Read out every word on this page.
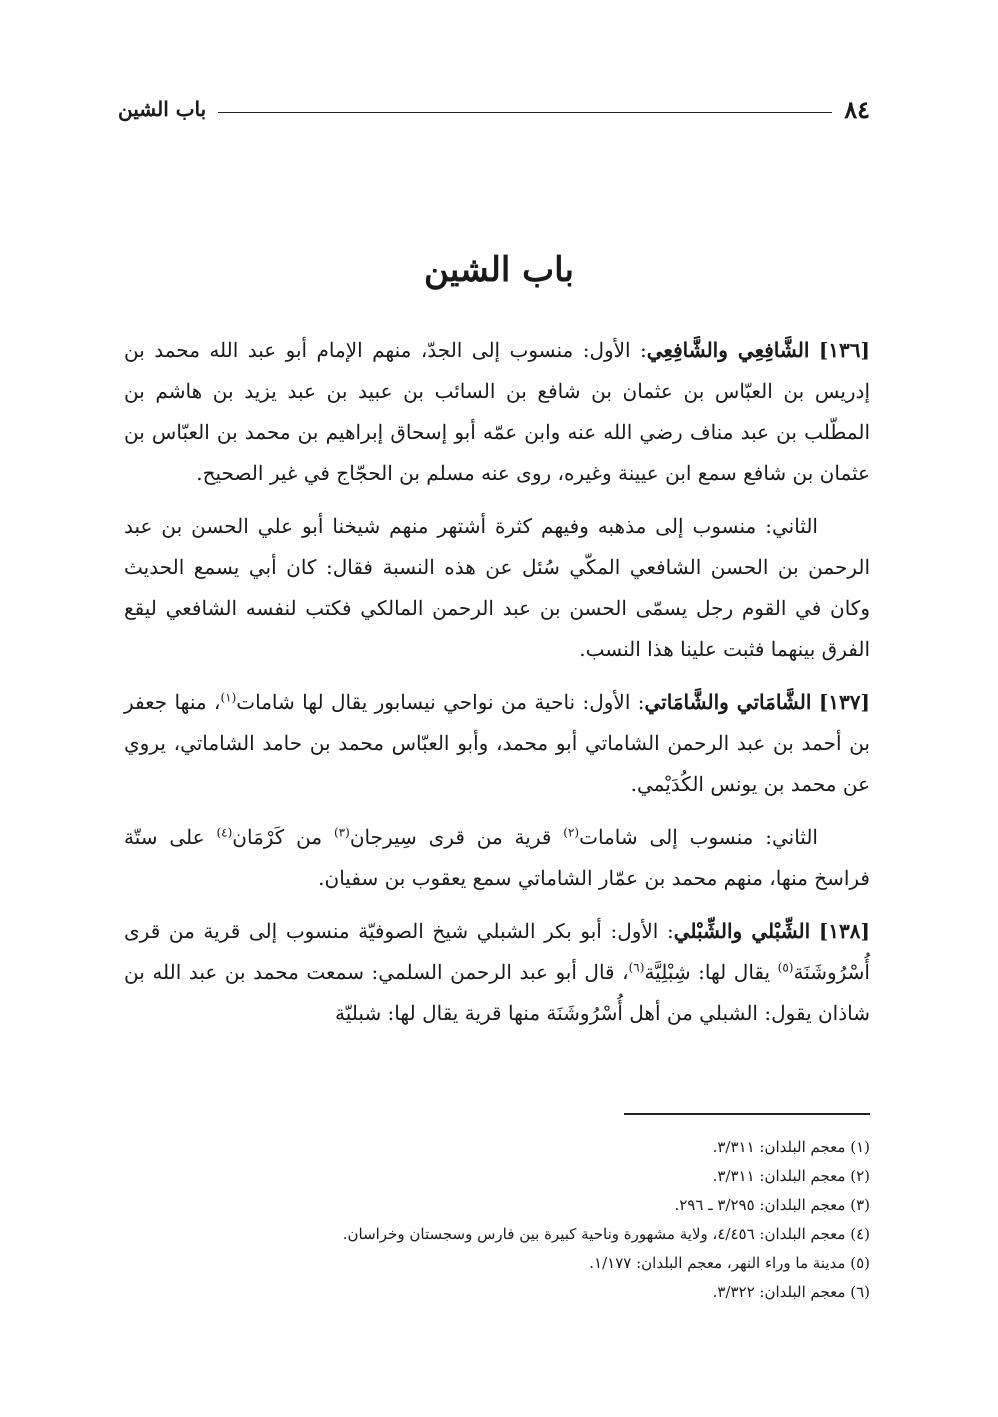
٨٤
باب الشين
باب الشين

[١٣٦] الشَّافِعِي والشَّافِعِي: الأول: منسوب إلى الجدّ، منهم الإمام أبو عبد الله محمد بن إدريس بن العبّاس بن عثمان بن شافع بن السائب بن عبيد بن عبد يزيد بن هاشم بن المطّلب بن عبد مناف رضي الله عنه وابن عمّه أبو إسحاق إبراهيم بن محمد بن العبّاس بن عثمان بن شافع سمع ابن عيينة وغيره، روى عنه مسلم بن الحجّاج في غير الصحيح.

الثاني: منسوب إلى مذهبه وفيهم كثرة أشتهر منهم شيخنا أبو علي الحسن بن عبد الرحمن بن الحسن الشافعي المكّي سُئل عن هذه النسبة فقال: كان أبي يسمع الحديث وكان في القوم رجل يسمّى الحسن بن عبد الرحمن المالكي فكتب لنفسه الشافعي ليقع الفرق بينهما فثبت علينا هذا النسب.

[١٣٧] الشَّامَاتي والشَّامَاتي: الأول: ناحية من نواحي نيسابور يقال لها شامات$^{(١)}$، منها جعفر بن أحمد بن عبد الرحمن الشاماتي أبو محمد، وأبو العبّاس محمد بن حامد الشاماتي، يروي عن محمد بن يونس الكُدَيْمي.

الثاني: منسوب إلى شامات$^{(٢)}$ قرية من قرى سِيرجان$^{(٣)}$ من كَرْمَان$^{(٤)}$ على ستّة فراسخ منها، منهم محمد بن عمّار الشاماتي سمع يعقوب بن سفيان.

[١٣٨] الشِّبْلي والشِّبْلي: الأول: أبو بكر الشبلي شيخ الصوفيّة منسوب إلى قرية من قرى أُسْرُوشَنَة$^{(٥)}$ يقال لها: شِبْلِيَّة$^{(٦)}$، قال أبو عبد الرحمن السلمي: سمعت محمد بن عبد الله بن شاذان يقول: الشبلي من أهل أُسْرُوشَنَة منها قرية يقال لها: شبليّة

(١) معجم البلدان: ٣/٣١١.
(٢) معجم البلدان: ٣/٣١١.
(٣) معجم البلدان: ٣/٢٩٥ ـ ٢٩٦.
(٤) معجم البلدان: ٤/٤٥٦، ولاية مشهورة وناحية كبيرة بين فارس وسجستان وخراسان.
(٥) مدينة ما وراء النهر، معجم البلدان: ١/١٧٧.
(٦) معجم البلدان: ٣/٣٢٢.
